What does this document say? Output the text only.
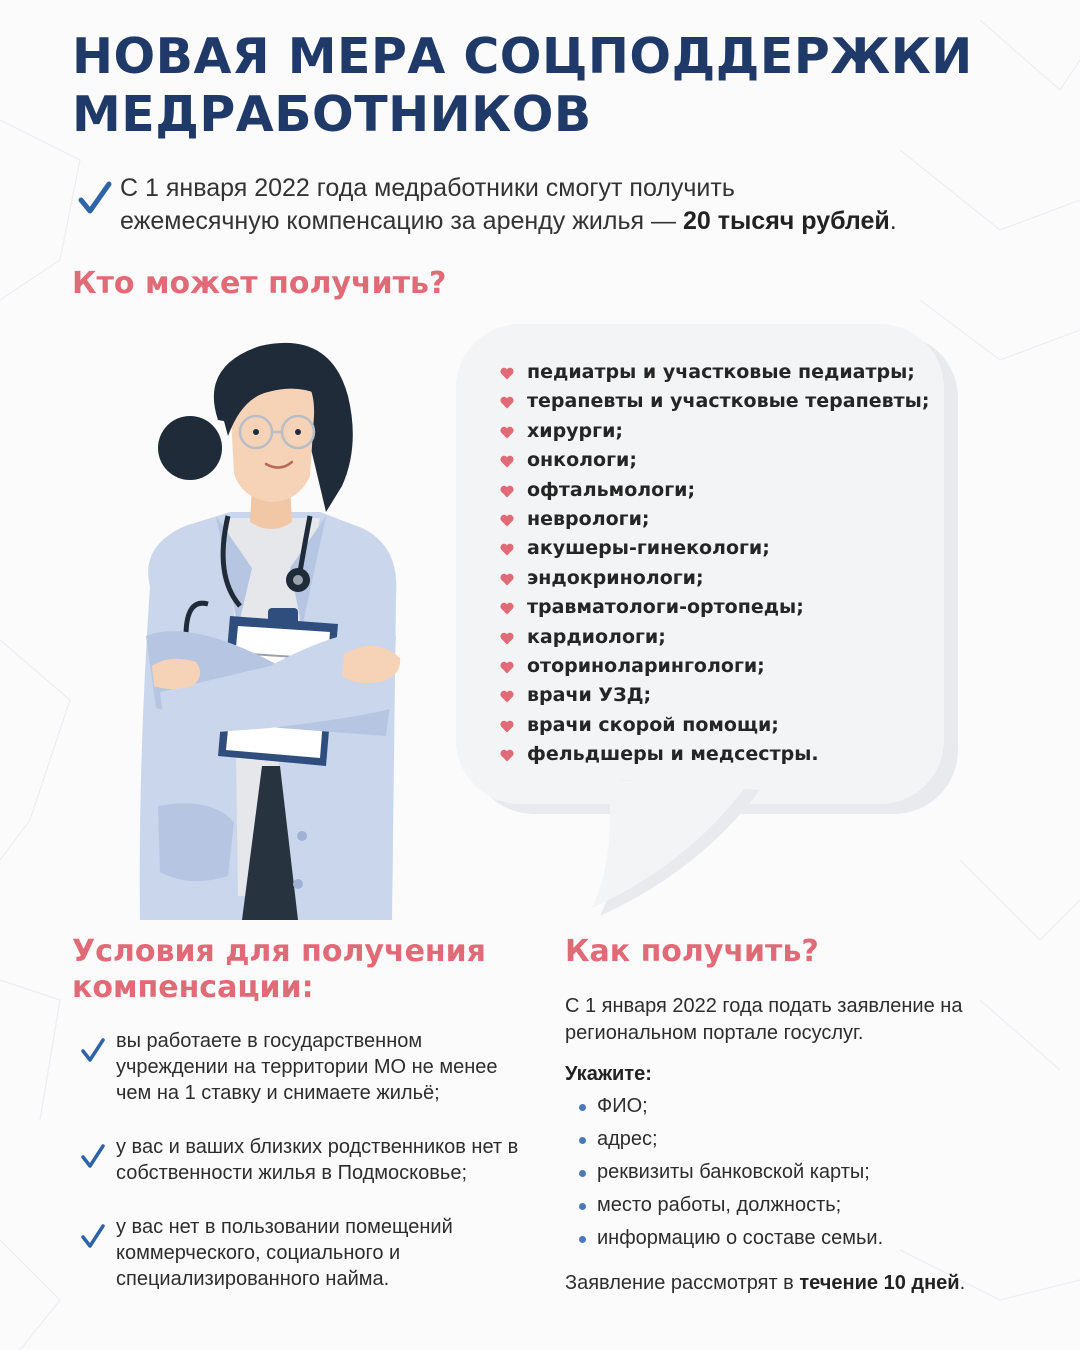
НОВАЯ МЕРА СОЦПОДДЕРЖКИ
МЕДРАБОТНИКОВ

С 1 января 2022 года медработники смогут получить
ежемесячную компенсацию за аренду жилья — 20 тысяч рублей.

Кто может получить?
педиатры и участковые педиатры;
терапевты и участковые терапевты;
хирурги;
онкологи;
офтальмологи;
неврологи;
акушеры-гинекологи;
эндокринологи;
травматологи-ортопеды;
кардиологи;
оториноларингологи;
врачи УЗД;
врачи скорой помощи;
фельдшеры и медсестры.
Условия для получения
компенсации:
вы работаете в государственном учреждении на территории МО не менее чем на 1 ставку и снимаете жильё;
у вас и ваших близких родственников нет в собственности жилья в Подмосковье;
у вас нет в пользовании помещений коммерческого, социального и специализированного найма.
Как получить?

С 1 января 2022 года подать заявление на региональном портале госуслуг.

Укажите:

ФИО;
адрес;
реквизиты банковской карты;
место работы, должность;
информацию о составе семьи.

Заявление рассмотрят в течение 10 дней.
